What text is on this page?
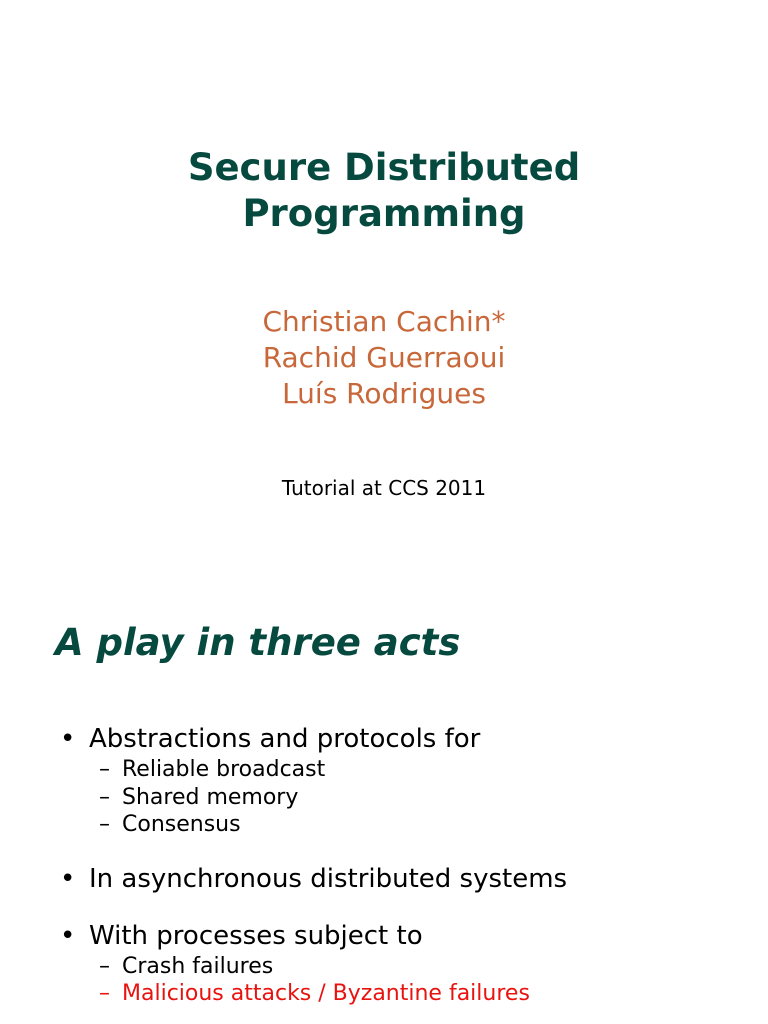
Secure Distributed
Programming
Christian Cachin*
Rachid Guerraoui
Luís Rodrigues
Tutorial at CCS 2011
A play in three acts
• Abstractions and protocols for
– Reliable broadcast
– Shared memory
– Consensus
• In asynchronous distributed systems
• With processes subject to
– Crash failures
– Malicious attacks / Byzantine failures
